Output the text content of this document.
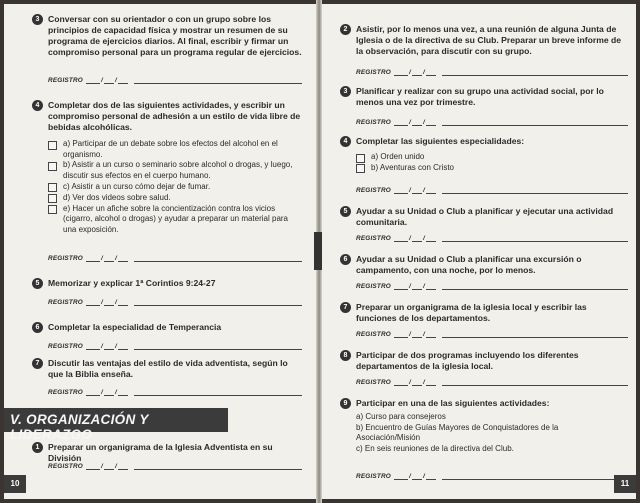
3 Conversar con su orientador o con un grupo sobre los principios de capacidad física y mostrar un resumen de su programa de ejercicios diarios. Al final, escribir y firmar un compromiso personal para un programa regular de ejercicios.
REGISTRO	/ /
4 Completar dos de las siguientes actividades, y escribir un compromiso personal de adhesión a un estilo de vida libre de bebidas alcohólicas.
a) Participar de un debate sobre los efectos del alcohol en el organismo.
b) Asistir a un curso o seminario sobre alcohol o drogas, y luego, discutir sus efectos en el cuerpo humano.
c) Asistir a un curso cómo dejar de fumar.
d) Ver dos videos sobre salud.
e) Hacer un afiche sobre la concientización contra los vicios (cigarro, alcohol o drogas) y ayudar a preparar un material para una exposición.
REGISTRO	/ /
5 Memorizar y explicar 1ª Corintios 9:24-27
REGISTRO	/ /
6 Completar la especialidad de Temperancia
REGISTRO	/ /
7 Discutir las ventajas del estilo de vida adventista, según lo que la Biblia enseña.
REGISTRO	/ /
V. ORGANIZACIÓN Y LIDERAZGO
1 Preparar un organigrama de la Iglesia Adventista en su División
REGISTRO	/ /
10
2 Asistir, por lo menos una vez, a una reunión de alguna Junta de Iglesia o de la directiva de su Club. Preparar un breve informe de la observación, para discutir con su grupo.
REGISTRO	/ /
3 Planificar y realizar con su grupo una actividad social, por lo menos una vez por trimestre.
REGISTRO	/ /
4 Completar las siguientes especialidades:
a) Orden unido
b) Aventuras con Cristo
REGISTRO	/ /
5 Ayudar a su Unidad o Club a planificar y ejecutar una actividad comunitaria.
REGISTRO	/ /
6 Ayudar a su Unidad o Club a planificar una excursión o campamento, con una noche, por lo menos.
REGISTRO	/ /
7 Preparar un organigrama de la iglesia local y escribir las funciones de los departamentos.
REGISTRO	/ /
8 Participar de dos programas incluyendo los diferentes departamentos de la iglesia local.
REGISTRO	/ /
9 Participar en una de las siguientes actividades:
a) Curso para consejeros
b) Encuentro de Guías Mayores de Conquistadores de la Asociación/Misión
c) En seis reuniones de la directiva del Club.
REGISTRO	/ /
11
